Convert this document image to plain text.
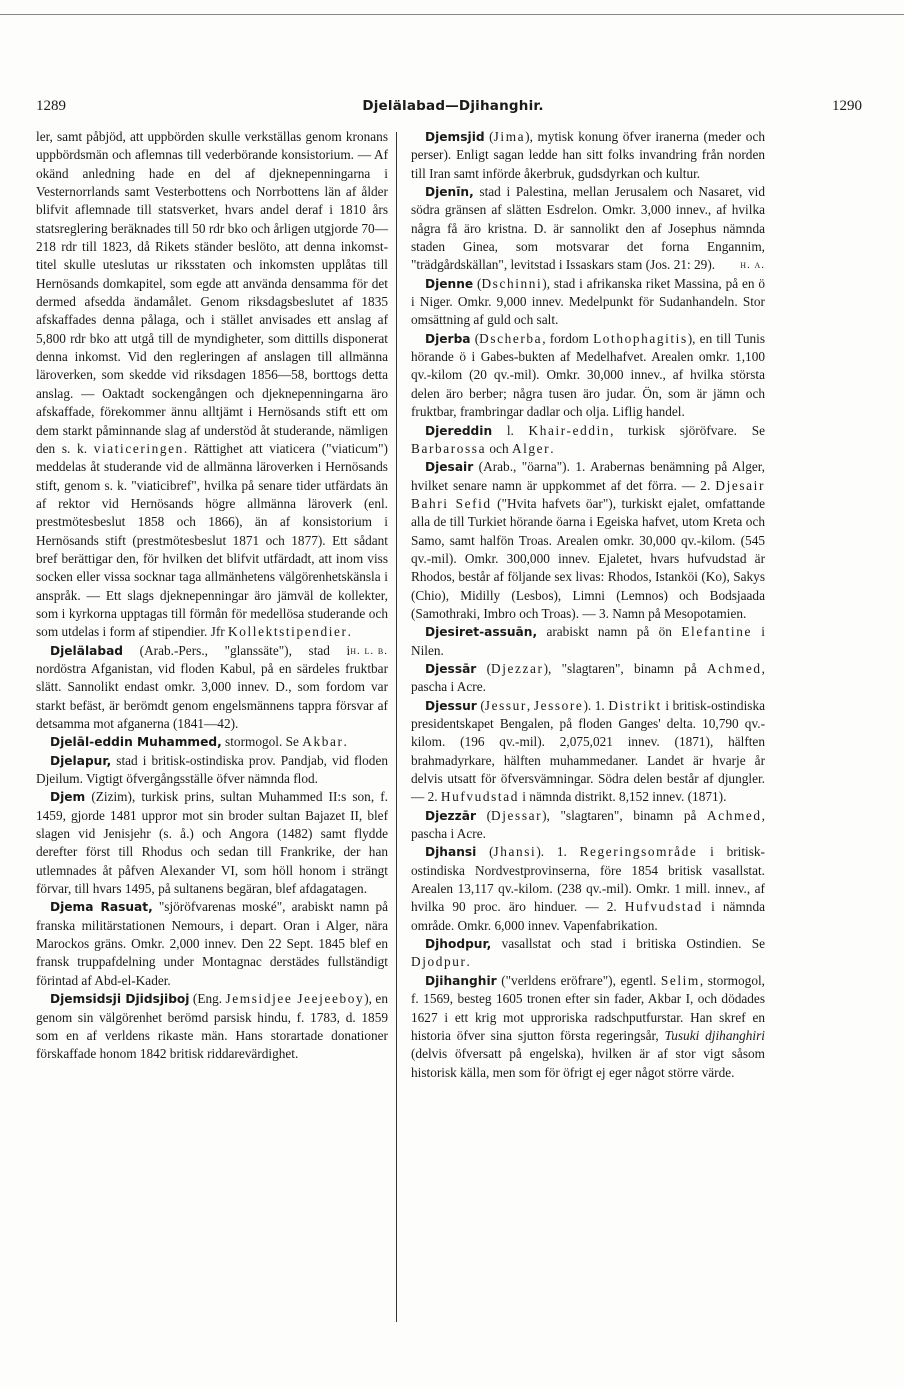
1289	Djelälabad—Djihanghir.	1290

ler, samt påbjöd, att uppbörden skulle verkställas genom kronans uppbördsmän och aflemnas till vederbörande konsistorium. — Af okänd anledning hade en del af djeknepenningarna i Vesternorrlands samt Vesterbottens och Norrbottens län af ålder blifvit aflemnade till statsverket, hvars andel deraf i 1810 års statsreglering beräknades till 50 rdr bko och årligen utgjorde 70—218 rdr till 1823, då Rikets ständer beslöto, att denna inkomst-titel skulle uteslutas ur riksstaten och inkomsten upplåtas till Hernösands domkapitel, som egde att använda densamma för det dermed afsedda ändamålet. Genom riksdagsbeslutet af 1835 afskaffades denna pålaga, och i stället anvisades ett anslag af 5,800 rdr bko att utgå till de myndigheter, som dittills disponerat denna inkomst. Vid den regleringen af anslagen till allmänna läroverken, som skedde vid riksdagen 1856—58, borttogs detta anslag. — Oaktadt sockengången och djeknepenningarna äro afskaffade, förekommer ännu alltjämt i Hernösands stift ett om dem starkt påminnande slag af understöd åt studerande, nämligen den s. k. viaticeringen. Rättighet att viaticera ("viaticum") meddelas åt studerande vid de allmänna läroverken i Hernösands stift, genom s. k. "viaticibref", hvilka på senare tider utfärdats än af rektor vid Hernösands högre allmänna läroverk (enl. prestmötesbeslut 1858 och 1866), än af konsistorium i Hernösands stift (prestmötesbeslut 1871 och 1877). Ett sådant bref berättigar den, för hvilken det blifvit utfärdadt, att inom viss socken eller vissa socknar taga allmänhetens välgörenhetskänsla i anspråk. — Ett slags djeknepenningar äro jämväl de kollekter, som i kyrkorna upptagas till förmån för medellösa studerande och som utdelas i form af stipendier. Jfr Kollektstipendier.
h. l. b.

Djelälabad (Arab.-Pers., "glanssäte"), stad i nordöstra Afganistan, vid floden Kabul, på en särdeles fruktbar slätt. Sannolikt endast omkr. 3,000 innev. D., som fordom var starkt befäst, är berömdt genom engelsmännens tappra försvar af detsamma mot afganerna (1841—42).

Djelāl-eddin Muhammed, stormogol. Se Akbar.

Djelapur, stad i britisk-ostindiska prov. Pandjab, vid floden Djeilum. Vigtigt öfvergångsställe öfver nämnda flod.

Djem (Zizim), turkisk prins, sultan Muhammed II:s son, f. 1459, gjorde 1481 uppror mot sin broder sultan Bajazet II, blef slagen vid Jenisjehr (s. å.) och Angora (1482) samt flydde derefter först till Rhodus och sedan till Frankrike, der han utlemnades åt påfven Alexander VI, som höll honom i strängt förvar, till hvars 1495, på sultanens begäran, blef afdagatagen.

Djema Rasuat, "sjöröfvarenas moské", arabiskt namn på franska militärstationen Nemours, i depart. Oran i Alger, nära Marockos gräns. Omkr. 2,000 innev. Den 22 Sept. 1845 blef en fransk truppafdelning under Montagnac derstädes fullständigt förintad af Abd-el-Kader.

Djemsidsji Djidsjiboj (Eng. Jemsidjee Jeejeeboy), en genom sin välgörenhet berömd parsisk hindu, f. 1783, d. 1859 som en af verldens rikaste män. Hans storartade donationer förskaffade honom 1842 britisk riddarevärdighet.

Djemsjid (Jima), mytisk konung öfver iranerna (meder och perser). Enligt sagan ledde han sitt folks invandring från norden till Iran samt införde åkerbruk, gudsdyrkan och kultur.

Djenīn, stad i Palestina, mellan Jerusalem och Nasaret, vid södra gränsen af slätten Esdrelon. Omkr. 3,000 innev., af hvilka några få äro kristna. D. är sannolikt den af Josephus nämnda staden Ginea, som motsvarar det forna Engannim, "trädgårdskällan", levitstad i Issaskars stam (Jos. 21: 29).	h. a.

Djenne (Dschinni), stad i afrikanska riket Massina, på en ö i Niger. Omkr. 9,000 innev. Medelpunkt för Sudanhandeln. Stor omsättning af guld och salt.

Djerba (Dscherba, fordom Lothophagitis), en till Tunis hörande ö i Gabes-bukten af Medelhafvet. Arealen omkr. 1,100 qv.-kilom (20 qv.-mil). Omkr. 30,000 innev., af hvilka största delen äro berber; några tusen äro judar. Ön, som är jämn och fruktbar, frambringar dadlar och olja. Liflig handel.

Djereddin l. Khair-eddin, turkisk sjöröfvare. Se Barbarossa och Alger.

Djesair (Arab., "öarna"). 1. Arabernas benämning på Alger, hvilket senare namn är uppkommet af det förra. — 2. Djesair Bahri Sefid ("Hvita hafvets öar"), turkiskt ejalet, omfattande alla de till Turkiet hörande öarna i Egeiska hafvet, utom Kreta och Samo, samt halfön Troas. Arealen omkr. 30,000 qv.-kilom. (545 qv.-mil). Omkr. 300,000 innev. Ejaletet, hvars hufvudstad är Rhodos, består af följande sex livas: Rhodos, Istanköi (Ko), Sakys (Chio), Midilly (Lesbos), Limni (Lemnos) och Bodsjaada (Samothraki, Imbro och Troas). — 3. Namn på Mesopotamien.

Djesiret-assuān, arabiskt namn på ön Elefantine i Nilen.

Djessār (Djezzar), "slagtaren", binamn på Achmed, pascha i Acre.

Djessur (Jessur, Jessore). 1. Distrikt i britisk-ostindiska presidentskapet Bengalen, på floden Ganges' delta. 10,790 qv.-kilom. (196 qv.-mil). 2,075,021 innev. (1871), hälften brahmadyrkare, hälften muhammedaner. Landet är hvarje år delvis utsatt för öfversvämningar. Södra delen består af djungler. — 2. Hufvudstad i nämnda distrikt. 8,152 innev. (1871).

Djezzār (Djessar), "slagtaren", binamn på Achmed, pascha i Acre.

Djhansi (Jhansi). 1. Regeringsområde i britisk-ostindiska Nordvestprovinserna, före 1854 britisk vasallstat. Arealen 13,117 qv.-kilom. (238 qv.-mil). Omkr. 1 mill. innev., af hvilka 90 proc. äro hinduer. — 2. Hufvudstad i nämnda område. Omkr. 6,000 innev. Vapenfabrikation.

Djhodpur, vasallstat och stad i britiska Ostindien. Se Djodpur.

Djihanghir ("verldens eröfrare"), egentl. Selim, stormogol, f. 1569, besteg 1605 tronen efter sin fader, Akbar I, och dödades 1627 i ett krig mot upproriska radschputfurstar. Han skref en historia öfver sina sjutton första regeringsår, Tusuki djihanghiri (delvis öfversatt på engelska), hvilken är af stor vigt såsom historisk källa, men som för öfrigt ej eger något större värde.
